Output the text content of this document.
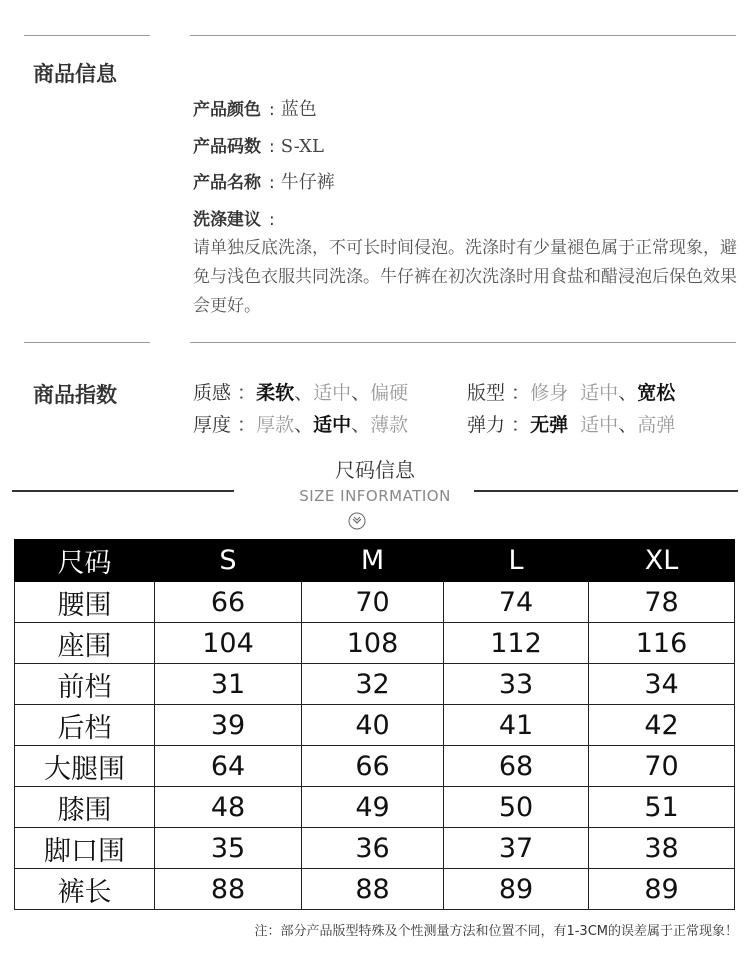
商品信息
产品颜色 : 蓝色
产品码数 : S-XL
产品名称 : 牛仔裤
洗涤建议 :
请单独反底洗涤，不可长时间侵泡。洗涤时有少量褪色属于正常现象，避免与浅色衣服共同洗涤。牛仔裤在初次洗涤时用食盐和醋浸泡后保色效果会更好。
商品指数	质感 ：柔软、适中、偏硬	版型 ：修身 适中、宽松
厚度 ：厚款、适中、薄款	弹力 ：无弹 适中、高弹
尺码信息
SIZE INFORMATION
尺码	S	M	L	XL
腰围	66	70	74	78
座围	104	108	112	116
前档	31	32	33	34
后档	39	40	41	42
大腿围	64	66	68	70
膝围	48	49	50	51
脚口围	35	36	37	38
裤长	88	88	89	89
注：部分产品版型特殊及个性测量方法和位置不同，有1-3CM的误差属于正常现象！
